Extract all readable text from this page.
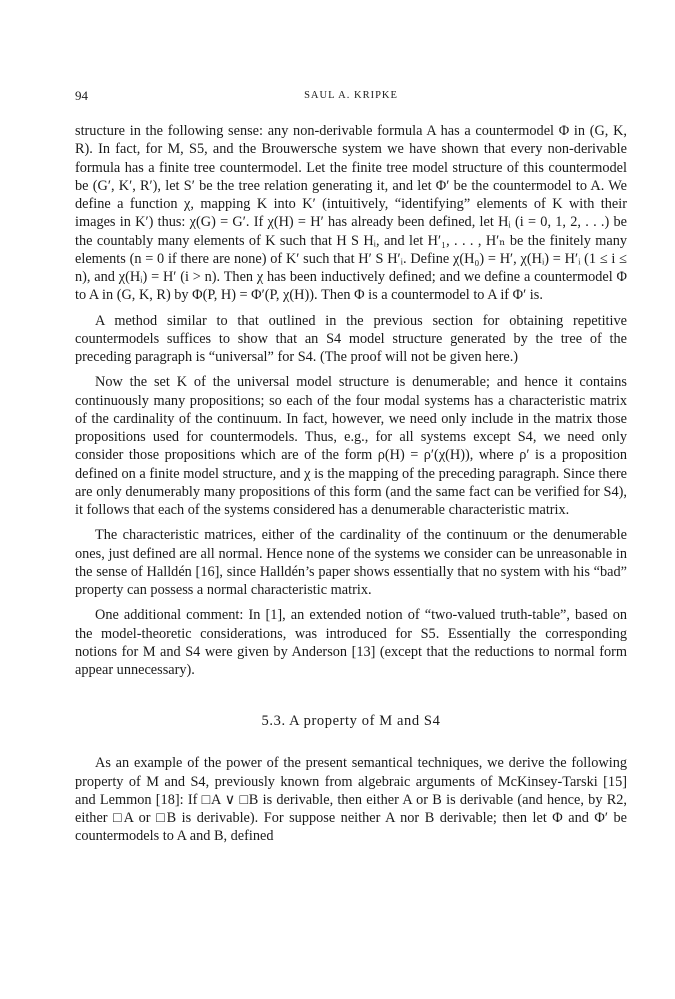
94	SAUL A. KRIPKE

structure in the following sense: any non-derivable formula A has a countermodel Φ in (G, K, R). In fact, for M, S5, and the Brouwersche system we have shown that every non-derivable formula has a finite tree countermodel. Let the finite tree model structure of this countermodel be (G′, K′, R′), let S′ be the tree relation generating it, and let Φ′ be the countermodel to A. We define a function χ, mapping K into K′ (intuitively, “identifying” elements of K with their images in K′) thus: χ(G) = G′. If χ(H) = H′ has already been defined, let Hᵢ (i = 0, 1, 2, . . .) be the countably many elements of K such that H S Hᵢ, and let H′₁, . . . , H′ₙ be the finitely many elements (n = 0 if there are none) of K′ such that H′ S H′ᵢ. Define χ(H₀) = H′, χ(Hᵢ) = H′ᵢ (1 ≤ i ≤ n), and χ(Hᵢ) = H′ (i > n). Then χ has been inductively defined; and we define a countermodel Φ to A in (G, K, R) by Φ(P, H) = Φ′(P, χ(H)). Then Φ is a countermodel to A if Φ′ is.

A method similar to that outlined in the previous section for obtaining repetitive countermodels suffices to show that an S4 model structure generated by the tree of the preceding paragraph is “universal” for S4. (The proof will not be given here.)

Now the set K of the universal model structure is denumerable; and hence it contains continuously many propositions; so each of the four modal systems has a characteristic matrix of the cardinality of the continuum. In fact, however, we need only include in the matrix those propositions used for countermodels. Thus, e.g., for all systems except S4, we need only consider those propositions which are of the form ρ(H) = ρ′(χ(H)), where ρ′ is a proposition defined on a finite model structure, and χ is the mapping of the preceding paragraph. Since there are only denumerably many propositions of this form (and the same fact can be verified for S4), it follows that each of the systems considered has a denumerable characteristic matrix.

The characteristic matrices, either of the cardinality of the continuum or the denumerable ones, just defined are all normal. Hence none of the systems we consider can be unreasonable in the sense of Halldén [16], since Halldén’s paper shows essentially that no system with his “bad” property can possess a normal characteristic matrix.

One additional comment: In [1], an extended notion of “two-valued truth-table”, based on the model-theoretic considerations, was introduced for S5. Essentially the corresponding notions for M and S4 were given by Anderson [13] (except that the reductions to normal form appear unnecessary).

5.3. A property of M and S4

As an example of the power of the present semantical techniques, we derive the following property of M and S4, previously known from algebraic arguments of McKinsey-Tarski [15] and Lemmon [18]: If □A ∨ □B is derivable, then either A or B is derivable (and hence, by R2, either □A or □B is derivable). For suppose neither A nor B derivable; then let Φ and Φ′ be countermodels to A and B, defined
